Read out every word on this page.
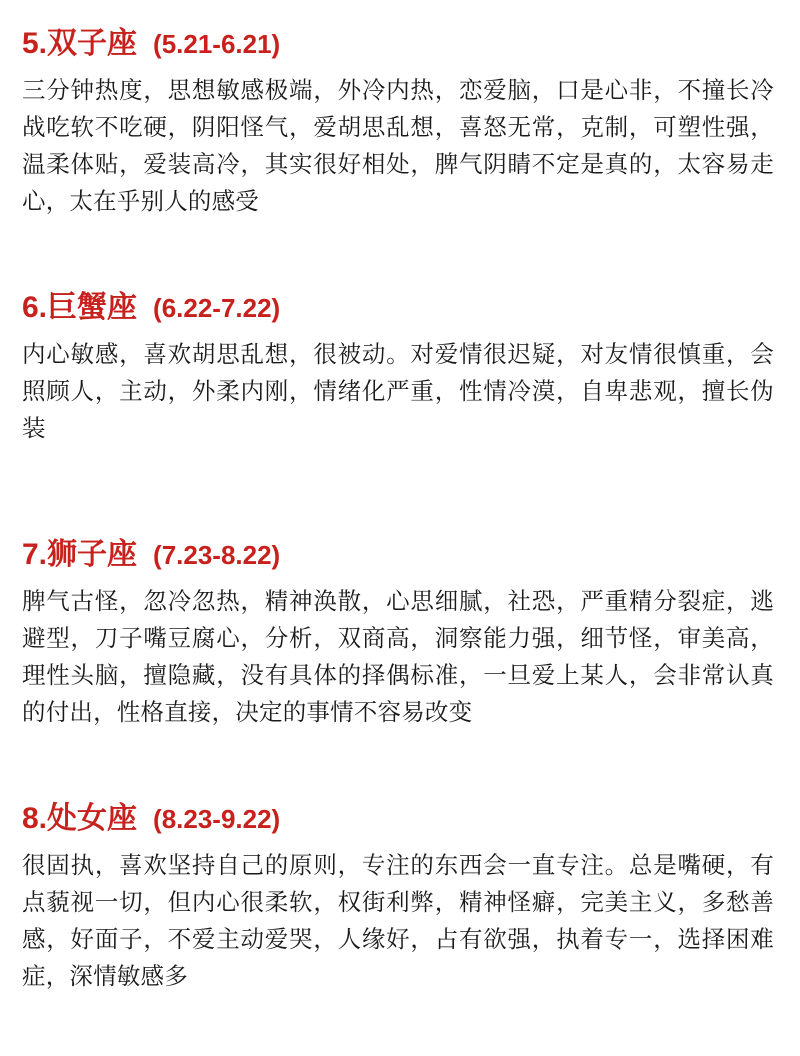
5.双子座 (5.21-6.21)

三分钟热度，思想敏感极端，外冷内热，恋爱脑，口是心非，不撞长冷战吃软不吃硬，阴阳怪气，爱胡思乱想，喜怒无常，克制，可塑性强，温柔体贴，爱装高冷，其实很好相处，脾气阴睛不定是真的，太容易走心，太在乎别人的感受

6.巨蟹座 (6.22-7.22)

内心敏感，喜欢胡思乱想，很被动。对爱情很迟疑，对友情很慎重，会照顾人，主动，外柔内刚，情绪化严重，性情冷漠，自卑悲观，擅长伪装

7.狮子座 (7.23-8.22)

脾气古怪，忽冷忽热，精神涣散，心思细腻，社恐，严重精分裂症，逃避型，刀子嘴豆腐心，分析，双商高，洞察能力强，细节怪，审美高，理性头脑，擅隐藏，没有具体的择偶标准，一旦爱上某人，会非常认真的付出，性格直接，决定的事情不容易改变

8.处女座 (8.23-9.22)

很固执，喜欢坚持自己的原则，专注的东西会一直专注。总是嘴硬，有点藐视一切，但内心很柔软，权街利弊，精神怪癖，完美主义，多愁善感，好面子，不爱主动爱哭，人缘好，占有欲强，执着专一，选择困难症，深情敏感多
